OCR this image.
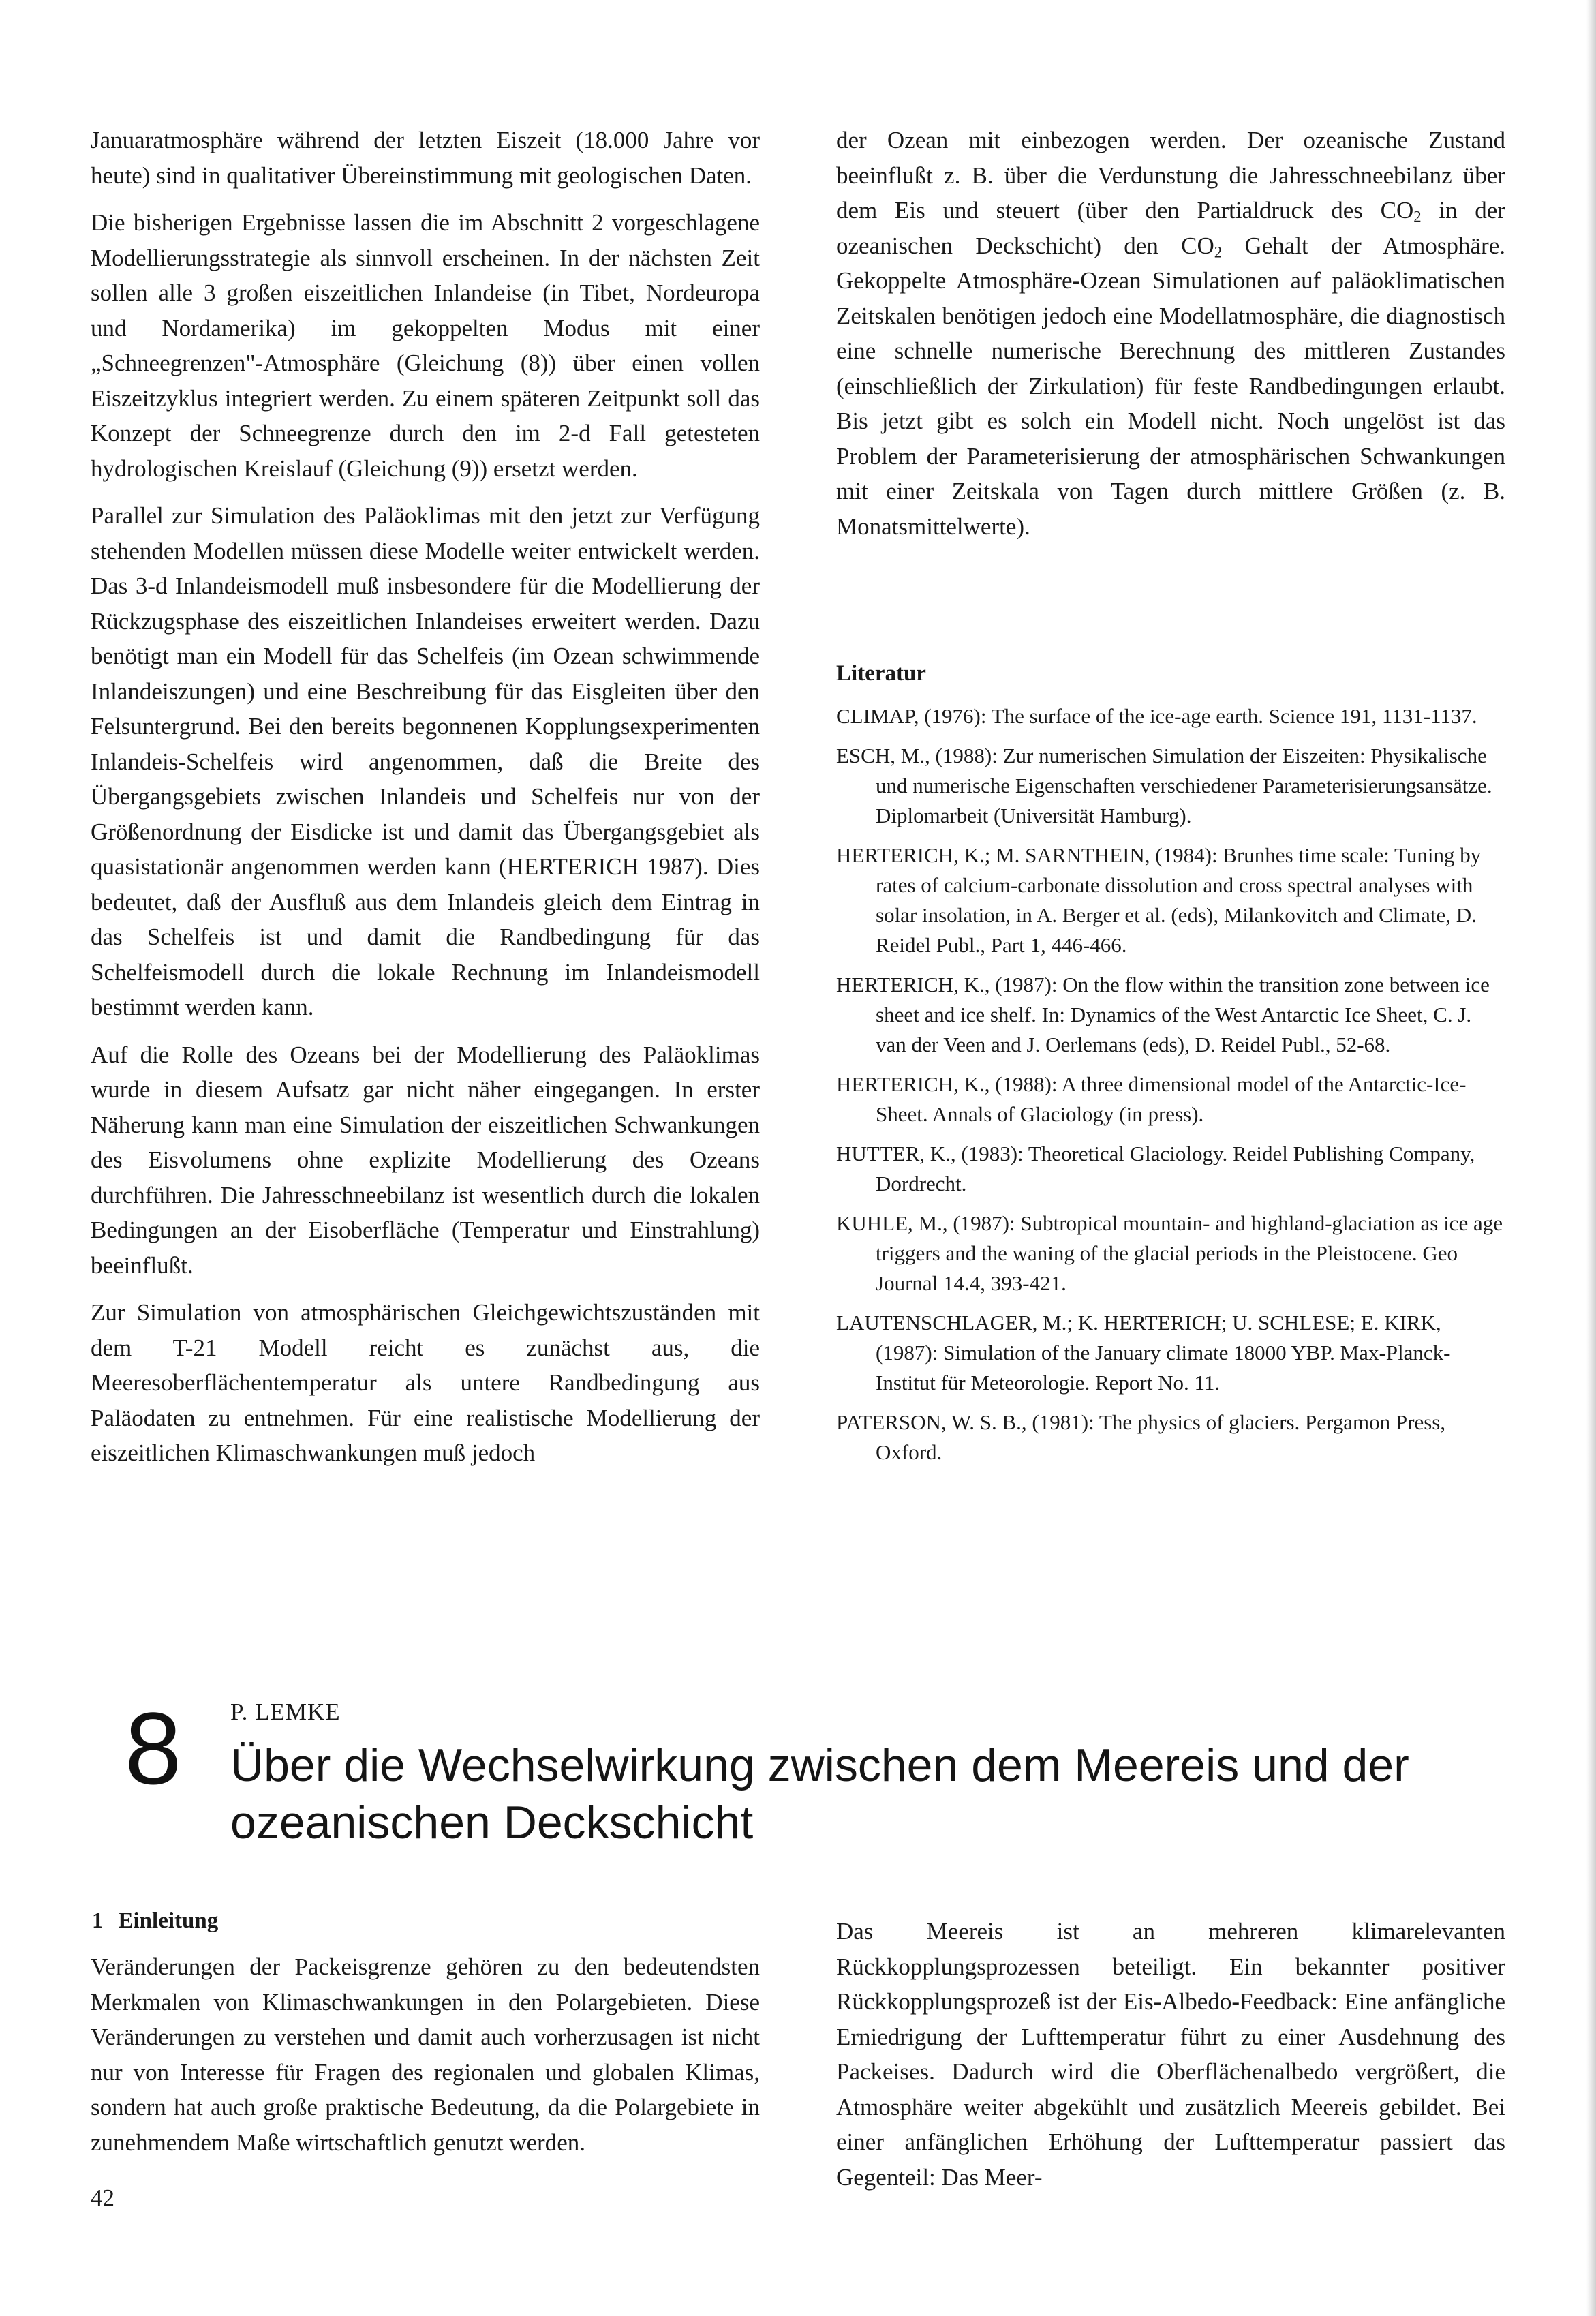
Januaratmosphäre während der letzten Eiszeit (18.000 Jahre vor heute) sind in qualitativer Übereinstimmung mit geologischen Daten.

Die bisherigen Ergebnisse lassen die im Abschnitt 2 vorgeschlagene Modellierungsstrategie als sinnvoll erscheinen. In der nächsten Zeit sollen alle 3 großen eiszeitlichen Inlandeise (in Tibet, Nordeuropa und Nordamerika) im gekoppelten Modus mit einer „Schneegrenzen"-Atmosphäre (Gleichung (8)) über einen vollen Eiszeitzyklus integriert werden. Zu einem späteren Zeitpunkt soll das Konzept der Schneegrenze durch den im 2-d Fall getesteten hydrologischen Kreislauf (Gleichung (9)) ersetzt werden.

Parallel zur Simulation des Paläoklimas mit den jetzt zur Verfügung stehenden Modellen müssen diese Modelle weiter entwickelt werden. Das 3-d Inlandeismodell muß insbesondere für die Modellierung der Rückzugsphase des eiszeitlichen Inlandeises erweitert werden. Dazu benötigt man ein Modell für das Schelfeis (im Ozean schwimmende Inlandeiszungen) und eine Beschreibung für das Eisgleiten über den Felsuntergrund. Bei den bereits begonnenen Kopplungsexperimenten Inlandeis-Schelfeis wird angenommen, daß die Breite des Übergangsgebiets zwischen Inlandeis und Schelfeis nur von der Größenordnung der Eisdicke ist und damit das Übergangsgebiet als quasistationär angenommen werden kann (HERTERICH 1987). Dies bedeutet, daß der Ausfluß aus dem Inlandeis gleich dem Eintrag in das Schelfeis ist und damit die Randbedingung für das Schelfeismodell durch die lokale Rechnung im Inlandeismodell bestimmt werden kann.

Auf die Rolle des Ozeans bei der Modellierung des Paläoklimas wurde in diesem Aufsatz gar nicht näher eingegangen. In erster Näherung kann man eine Simulation der eiszeitlichen Schwankungen des Eisvolumens ohne explizite Modellierung des Ozeans durchführen. Die Jahresschneebilanz ist wesentlich durch die lokalen Bedingungen an der Eisoberfläche (Temperatur und Einstrahlung) beeinflußt.

Zur Simulation von atmosphärischen Gleichgewichtszuständen mit dem T-21 Modell reicht es zunächst aus, die Meeresoberflächentemperatur als untere Randbedingung aus Paläodaten zu entnehmen. Für eine realistische Modellierung der eiszeitlichen Klimaschwankungen muß jedoch

der Ozean mit einbezogen werden. Der ozeanische Zustand beeinflußt z. B. über die Verdunstung die Jahresschneebilanz über dem Eis und steuert (über den Partialdruck des $CO_2$ in der ozeanischen Deckschicht) den $CO_2$ Gehalt der Atmosphäre. Gekoppelte Atmosphäre-Ozean Simulationen auf paläoklimatischen Zeitskalen benötigen jedoch eine Modellatmosphäre, die diagnostisch eine schnelle numerische Berechnung des mittleren Zustandes (einschließlich der Zirkulation) für feste Randbedingungen erlaubt. Bis jetzt gibt es solch ein Modell nicht. Noch ungelöst ist das Problem der Parameterisierung der atmosphärischen Schwankungen mit einer Zeitskala von Tagen durch mittlere Größen (z. B. Monatsmittelwerte).

Literatur

CLIMAP, (1976): The surface of the ice-age earth. Science 191, 1131-1137.

ESCH, M., (1988): Zur numerischen Simulation der Eiszeiten: Physikalische und numerische Eigenschaften verschiedener Parameterisierungsansätze. Diplomarbeit (Universität Hamburg).

HERTERICH, K.; M. SARNTHEIN, (1984): Brunhes time scale: Tuning by rates of calcium-carbonate dissolution and cross spectral analyses with solar insolation, in A. Berger et al. (eds), Milankovitch and Climate, D. Reidel Publ., Part 1, 446-466.

HERTERICH, K., (1987): On the flow within the transition zone between ice sheet and ice shelf. In: Dynamics of the West Antarctic Ice Sheet, C. J. van der Veen and J. Oerlemans (eds), D. Reidel Publ., 52-68.

HERTERICH, K., (1988): A three dimensional model of the Antarctic-Ice-Sheet. Annals of Glaciology (in press).

HUTTER, K., (1983): Theoretical Glaciology. Reidel Publishing Company, Dordrecht.

KUHLE, M., (1987): Subtropical mountain- and highland-glaciation as ice age triggers and the waning of the glacial periods in the Pleistocene. Geo Journal 14.4, 393-421.

LAUTENSCHLAGER, M.; K. HERTERICH; U. SCHLESE; E. KIRK, (1987): Simulation of the January climate 18000 YBP. Max-Planck-Institut für Meteorologie. Report No. 11.

PATERSON, W. S. B., (1981): The physics of glaciers. Pergamon Press, Oxford.

8 P. LEMKE
Über die Wechselwirkung zwischen dem Meereis und der ozeanischen Deckschicht
1 Einleitung

Veränderungen der Packeisgrenze gehören zu den bedeutendsten Merkmalen von Klimaschwankungen in den Polargebieten. Diese Veränderungen zu verstehen und damit auch vorherzusagen ist nicht nur von Interesse für Fragen des regionalen und globalen Klimas, sondern hat auch große praktische Bedeutung, da die Polargebiete in zunehmendem Maße wirtschaftlich genutzt werden.

Das Meereis ist an mehreren klimarelevanten Rückkopplungsprozessen beteiligt. Ein bekannter positiver Rückkopplungsprozeß ist der Eis-Albedo-Feedback: Eine anfängliche Erniedrigung der Lufttemperatur führt zu einer Ausdehnung des Packeises. Dadurch wird die Oberflächenalbedo vergrößert, die Atmosphäre weiter abgekühlt und zusätzlich Meereis gebildet. Bei einer anfänglichen Erhöhung der Lufttemperatur passiert das Gegenteil: Das Meer-

42
